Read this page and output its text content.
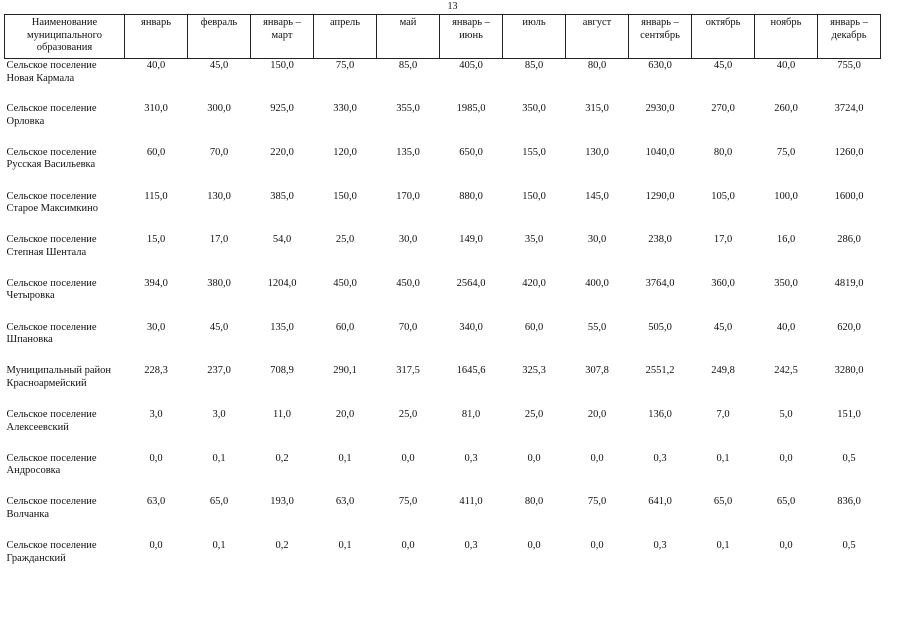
13
Наименование муниципального образования	январь	февраль	январь – март	апрель	май	январь – июнь	июль	август	январь – сентябрь	октябрь	ноябрь	январь – декабрь
Сельское поселение Новая Кармала	40,0	45,0	150,0	75,0	85,0	405,0	85,0	80,0	630,0	45,0	40,0	755,0
Сельское поселение Орловка	310,0	300,0	925,0	330,0	355,0	1985,0	350,0	315,0	2930,0	270,0	260,0	3724,0
Сельское поселение Русская Васильевка	60,0	70,0	220,0	120,0	135,0	650,0	155,0	130,0	1040,0	80,0	75,0	1260,0
Сельское поселение Старое Максимкино	115,0	130,0	385,0	150,0	170,0	880,0	150,0	145,0	1290,0	105,0	100,0	1600,0
Сельское поселение Степная Шентала	15,0	17,0	54,0	25,0	30,0	149,0	35,0	30,0	238,0	17,0	16,0	286,0
Сельское поселение Четыровка	394,0	380,0	1204,0	450,0	450,0	2564,0	420,0	400,0	3764,0	360,0	350,0	4819,0
Сельское поселение Шпановка	30,0	45,0	135,0	60,0	70,0	340,0	60,0	55,0	505,0	45,0	40,0	620,0
Муниципальный район Красноармейский	228,3	237,0	708,9	290,1	317,5	1645,6	325,3	307,8	2551,2	249,8	242,5	3280,0
Сельское поселение Алексеевский	3,0	3,0	11,0	20,0	25,0	81,0	25,0	20,0	136,0	7,0	5,0	151,0
Сельское поселение Андросовка	0,0	0,1	0,2	0,1	0,0	0,3	0,0	0,0	0,3	0,1	0,0	0,5
Сельское поселение Волчанка	63,0	65,0	193,0	63,0	75,0	411,0	80,0	75,0	641,0	65,0	65,0	836,0
Сельское поселение Гражданский	0,0	0,1	0,2	0,1	0,0	0,3	0,0	0,0	0,3	0,1	0,0	0,5
